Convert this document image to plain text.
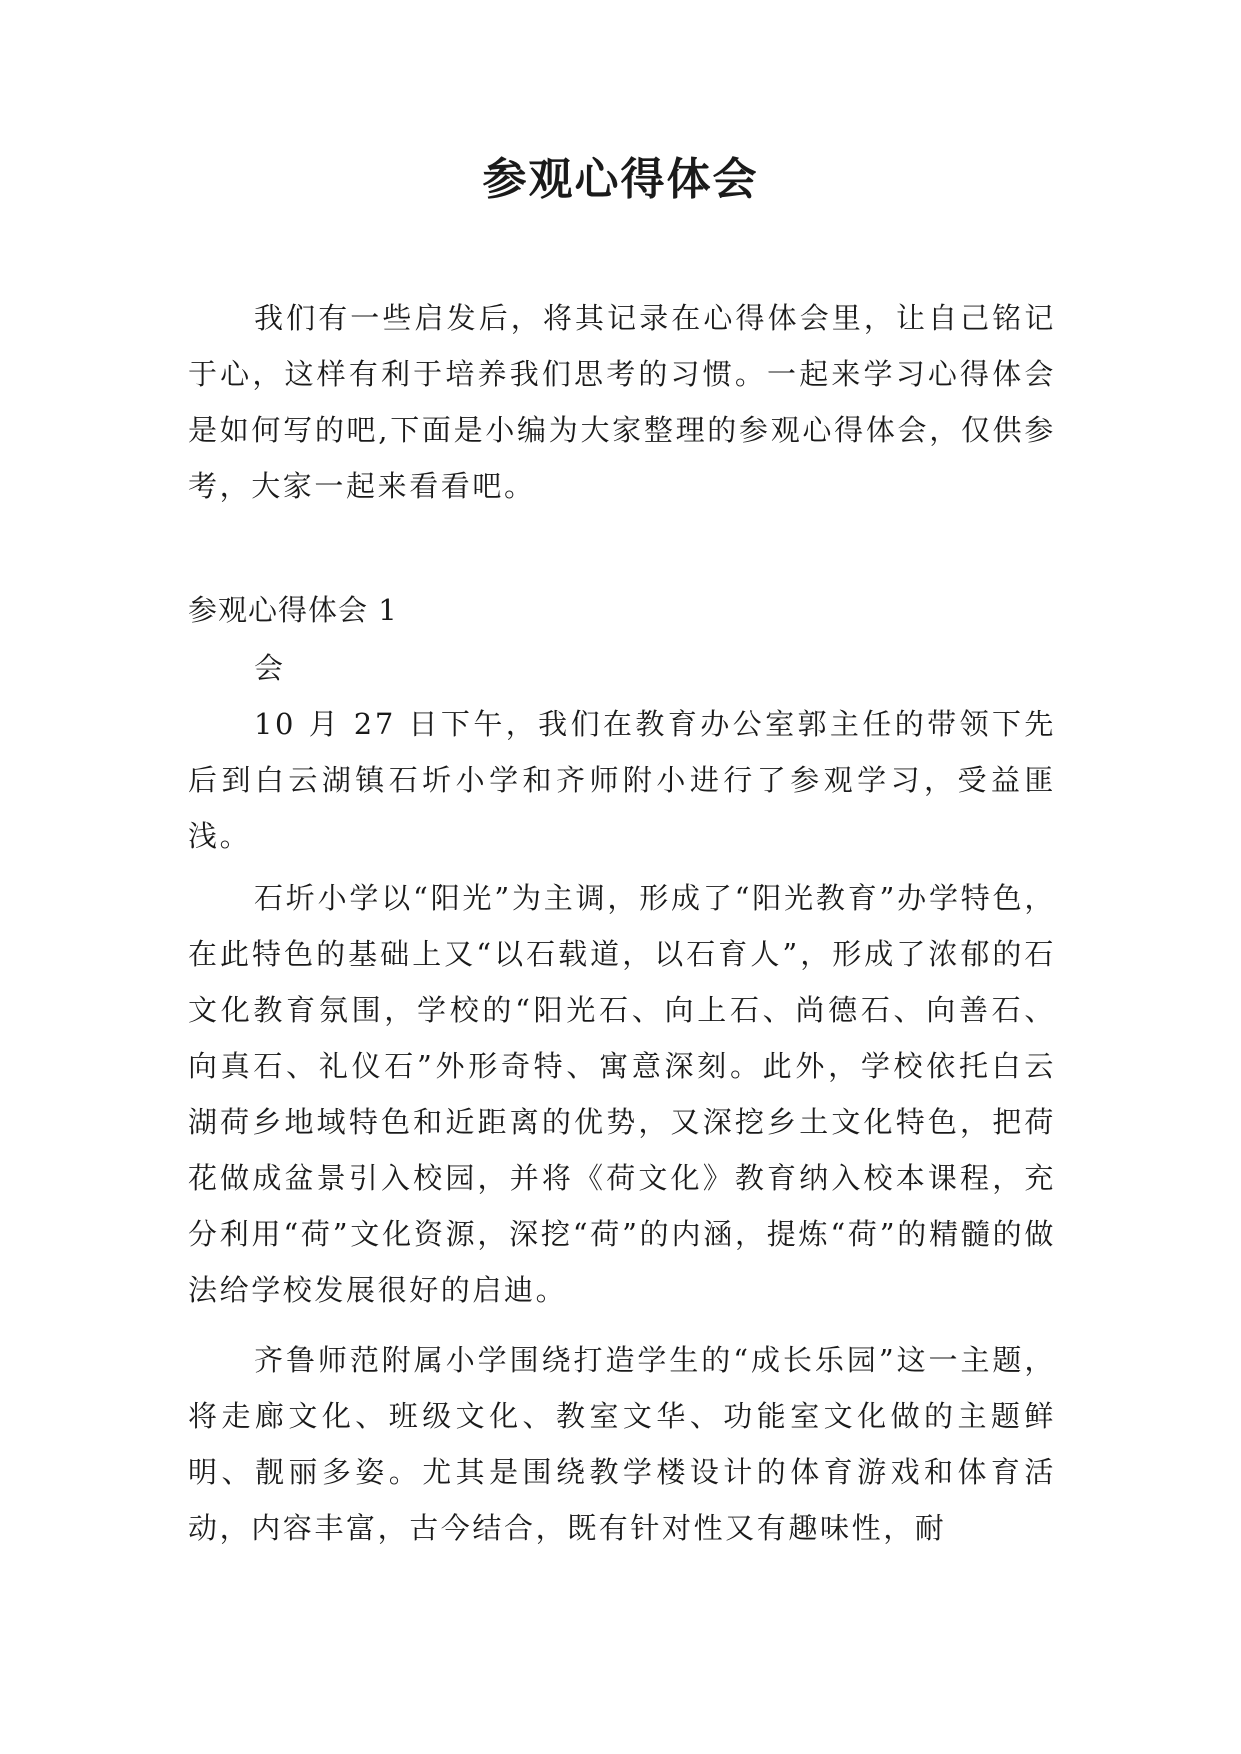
参观心得体会

我们有一些启发后，将其记录在心得体会里，让自己铭记于心，这样有利于培养我们思考的习惯。一起来学习心得体会是如何写的吧,下面是小编为大家整理的参观心得体会，仅供参考，大家一起来看看吧。

参观心得体会 1

会

10 月 27 日下午，我们在教育办公室郭主任的带领下先后到白云湖镇石圻小学和齐师附小进行了参观学习，受益匪浅。

石圻小学以“阳光”为主调，形成了“阳光教育”办学特色，在此特色的基础上又“以石载道，以石育人”，形成了浓郁的石文化教育氛围，学校的“阳光石、向上石、尚德石、向善石、向真石、礼仪石”外形奇特、寓意深刻。此外，学校依托白云湖荷乡地域特色和近距离的优势，又深挖乡土文化特色，把荷花做成盆景引入校园，并将《荷文化》教育纳入校本课程，充分利用“荷”文化资源，深挖“荷”的内涵，提炼“荷”的精髓的做法给学校发展很好的启迪。

齐鲁师范附属小学围绕打造学生的“成长乐园”这一主题，将走廊文化、班级文化、教室文华、功能室文化做的主题鲜明、靓丽多姿。尤其是围绕教学楼设计的体育游戏和体育活动，内容丰富，古今结合，既有针对性又有趣味性，耐
